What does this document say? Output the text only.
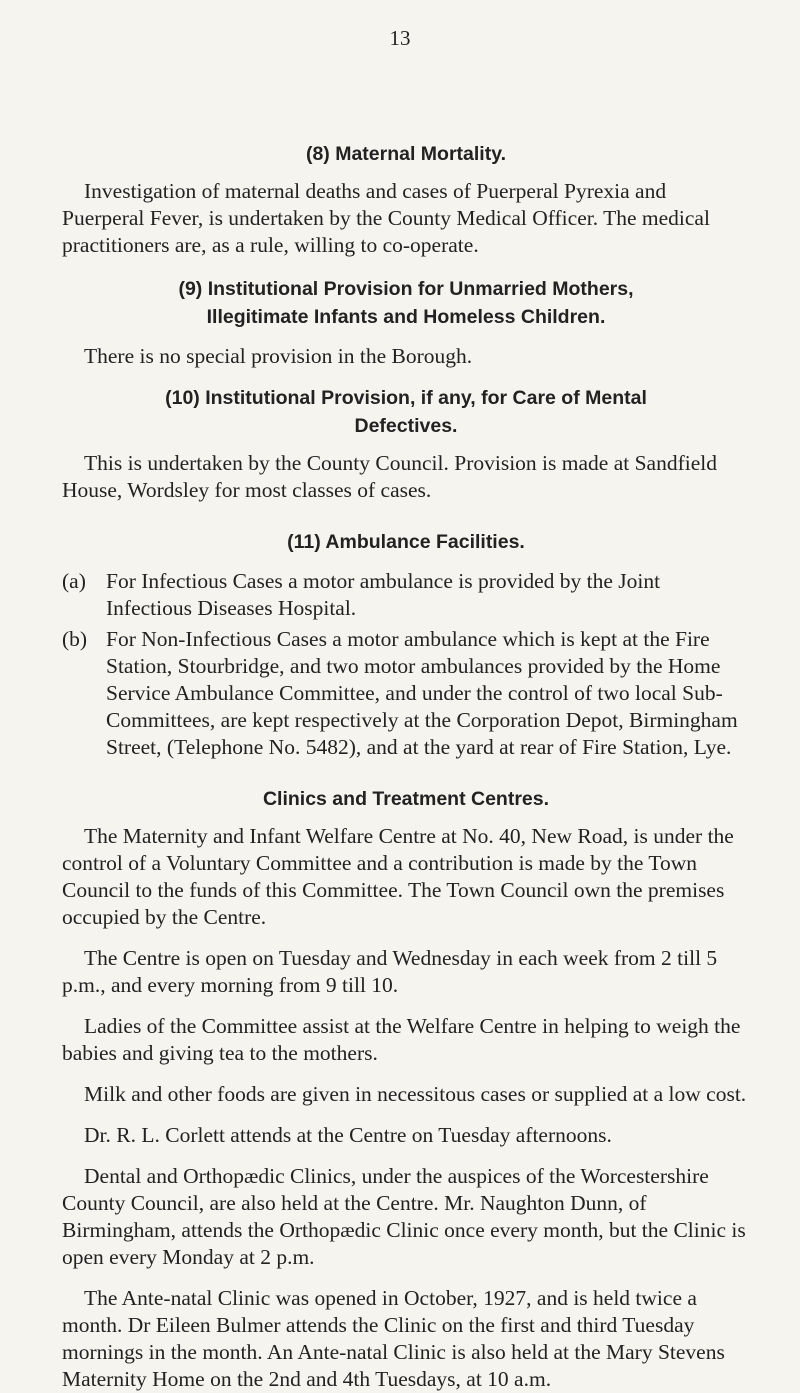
13
(8) Maternal Mortality.

Investigation of maternal deaths and cases of Puerperal Pyrexia and Puerperal Fever, is undertaken by the County Medical Officer. The medical practitioners are, as a rule, willing to co-operate.

(9) Institutional Provision for Unmarried Mothers,
Illegitimate Infants and Homeless Children.

There is no special provision in the Borough.

(10) Institutional Provision, if any, for Care of Mental
Defectives.

This is undertaken by the County Council. Provision is made at Sandfield House, Wordsley for most classes of cases.

(11) Ambulance Facilities.
(a) For Infectious Cases a motor ambulance is provided by the Joint Infectious Diseases Hospital.
(b) For Non-Infectious Cases a motor ambulance which is kept at the Fire Station, Stourbridge, and two motor ambulances provided by the Home Service Ambulance Committee, and under the control of two local Sub-Committees, are kept respectively at the Corporation Depot, Birmingham Street, (Telephone No. 5482), and at the yard at rear of Fire Station, Lye.
Clinics and Treatment Centres.

The Maternity and Infant Welfare Centre at No. 40, New Road, is under the control of a Voluntary Committee and a contribution is made by the Town Council to the funds of this Committee. The Town Council own the premises occupied by the Centre.

The Centre is open on Tuesday and Wednesday in each week from 2 till 5 p.m., and every morning from 9 till 10.

Ladies of the Committee assist at the Welfare Centre in helping to weigh the babies and giving tea to the mothers.

Milk and other foods are given in necessitous cases or supplied at a low cost.

Dr. R. L. Corlett attends at the Centre on Tuesday afternoons.

Dental and Orthopædic Clinics, under the auspices of the Worcestershire County Council, are also held at the Centre. Mr. Naughton Dunn, of Birmingham, attends the Orthopædic Clinic once every month, but the Clinic is open every Monday at 2 p.m.

The Ante-natal Clinic was opened in October, 1927, and is held twice a month. Dr Eileen Bulmer attends the Clinic on the first and third Tuesday mornings in the month. An Ante-natal Clinic is also held at the Mary Stevens Maternity Home on the 2nd and 4th Tuesdays, at 10 a.m.
